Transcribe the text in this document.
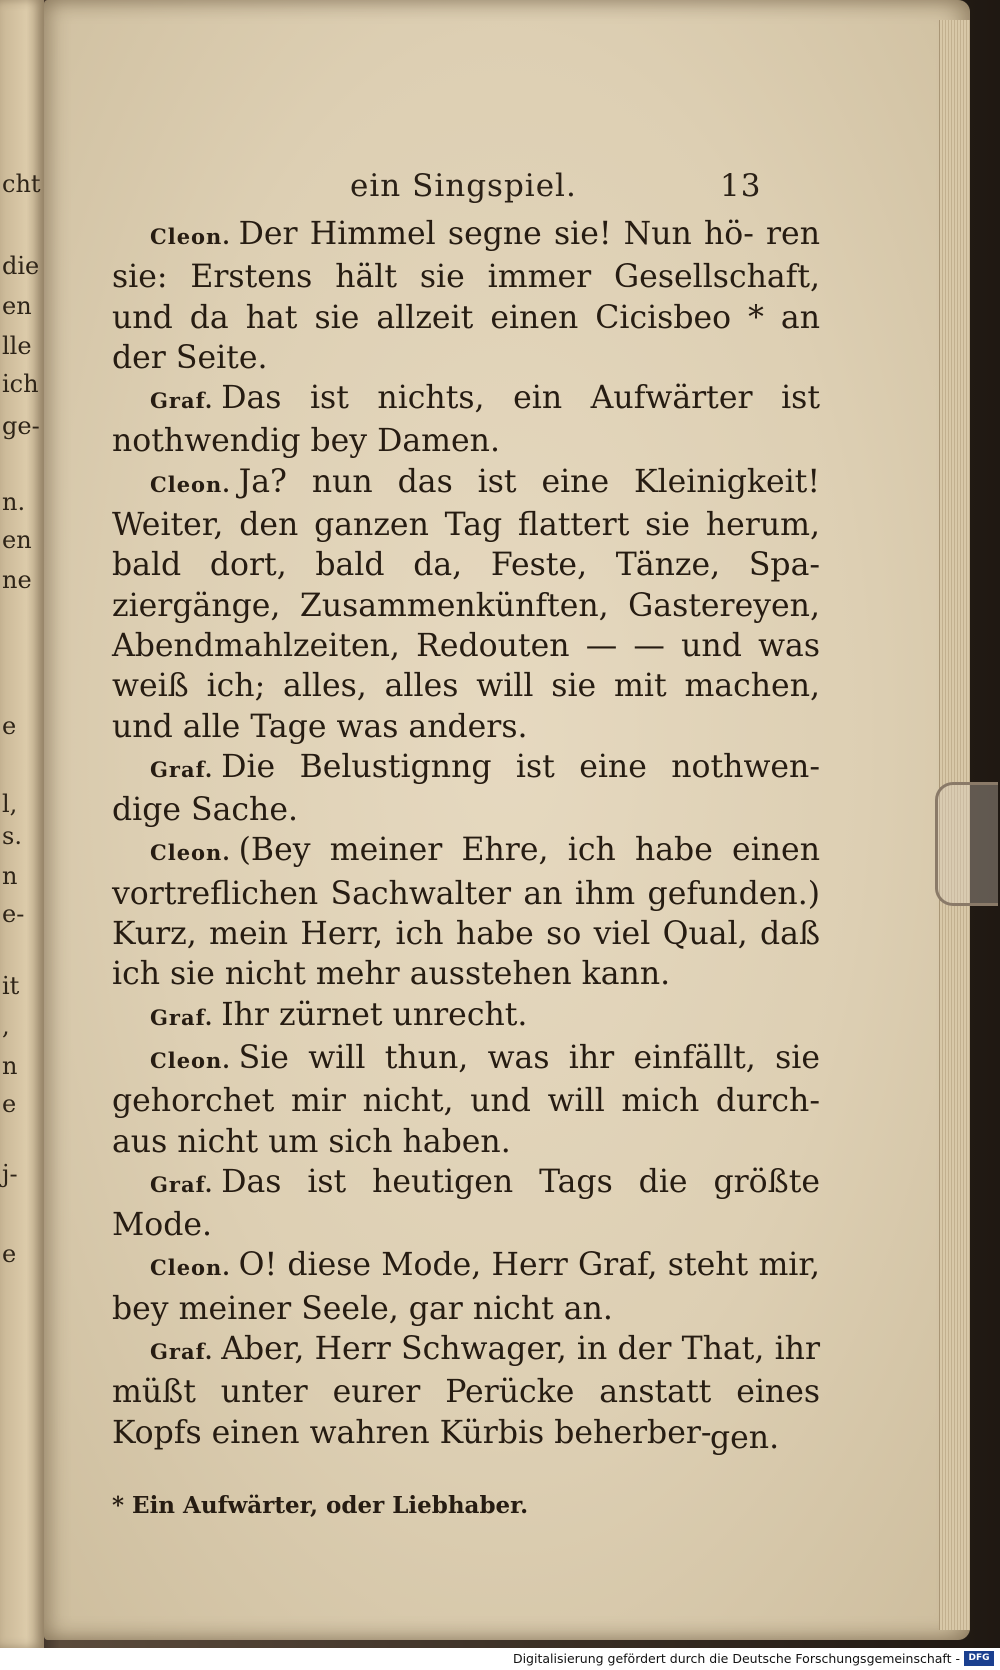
cht
die
en
lle
ich
ge-
n.
en
ne
e
l,
s.
n
e-
it
,
n
e
j-
e
ein Singspiel.	13

Cleon. Der Himmel segne sie! Nun hö- ren sie: Erstens hält sie immer Gesellschaft, und da hat sie allzeit einen Cicisbeo * an der Seite.

Graf. Das ist nichts, ein Aufwärter ist nothwendig bey Damen.

Cleon. Ja? nun das ist eine Kleinigkeit! Weiter, den ganzen Tag flattert sie herum, bald dort, bald da, Feste, Tänze, Spa- ziergänge, Zusammenkünften, Gastereyen, Abendmahlzeiten, Redouten — — und was weiß ich; alles, alles will sie mit machen, und alle Tage was anders.

Graf. Die Belustignng ist eine nothwen- dige Sache.

Cleon. (Bey meiner Ehre, ich habe einen vortreflichen Sachwalter an ihm gefunden.) Kurz, mein Herr, ich habe so viel Qual, daß ich sie nicht mehr ausstehen kann.

Graf. Ihr zürnet unrecht.

Cleon. Sie will thun, was ihr einfällt, sie gehorchet mir nicht, und will mich durch- aus nicht um sich haben.

Graf. Das ist heutigen Tags die größte Mode.

Cleon. O! diese Mode, Herr Graf, steht mir, bey meiner Seele, gar nicht an.

Graf. Aber, Herr Schwager, in der That, ihr müßt unter eurer Perücke anstatt eines Kopfs einen wahren Kürbis beherber-

gen.
* Ein Aufwärter, oder Liebhaber.
Digitalisierung gefördert durch die Deutsche Forschungsgemeinschaft - DFG
